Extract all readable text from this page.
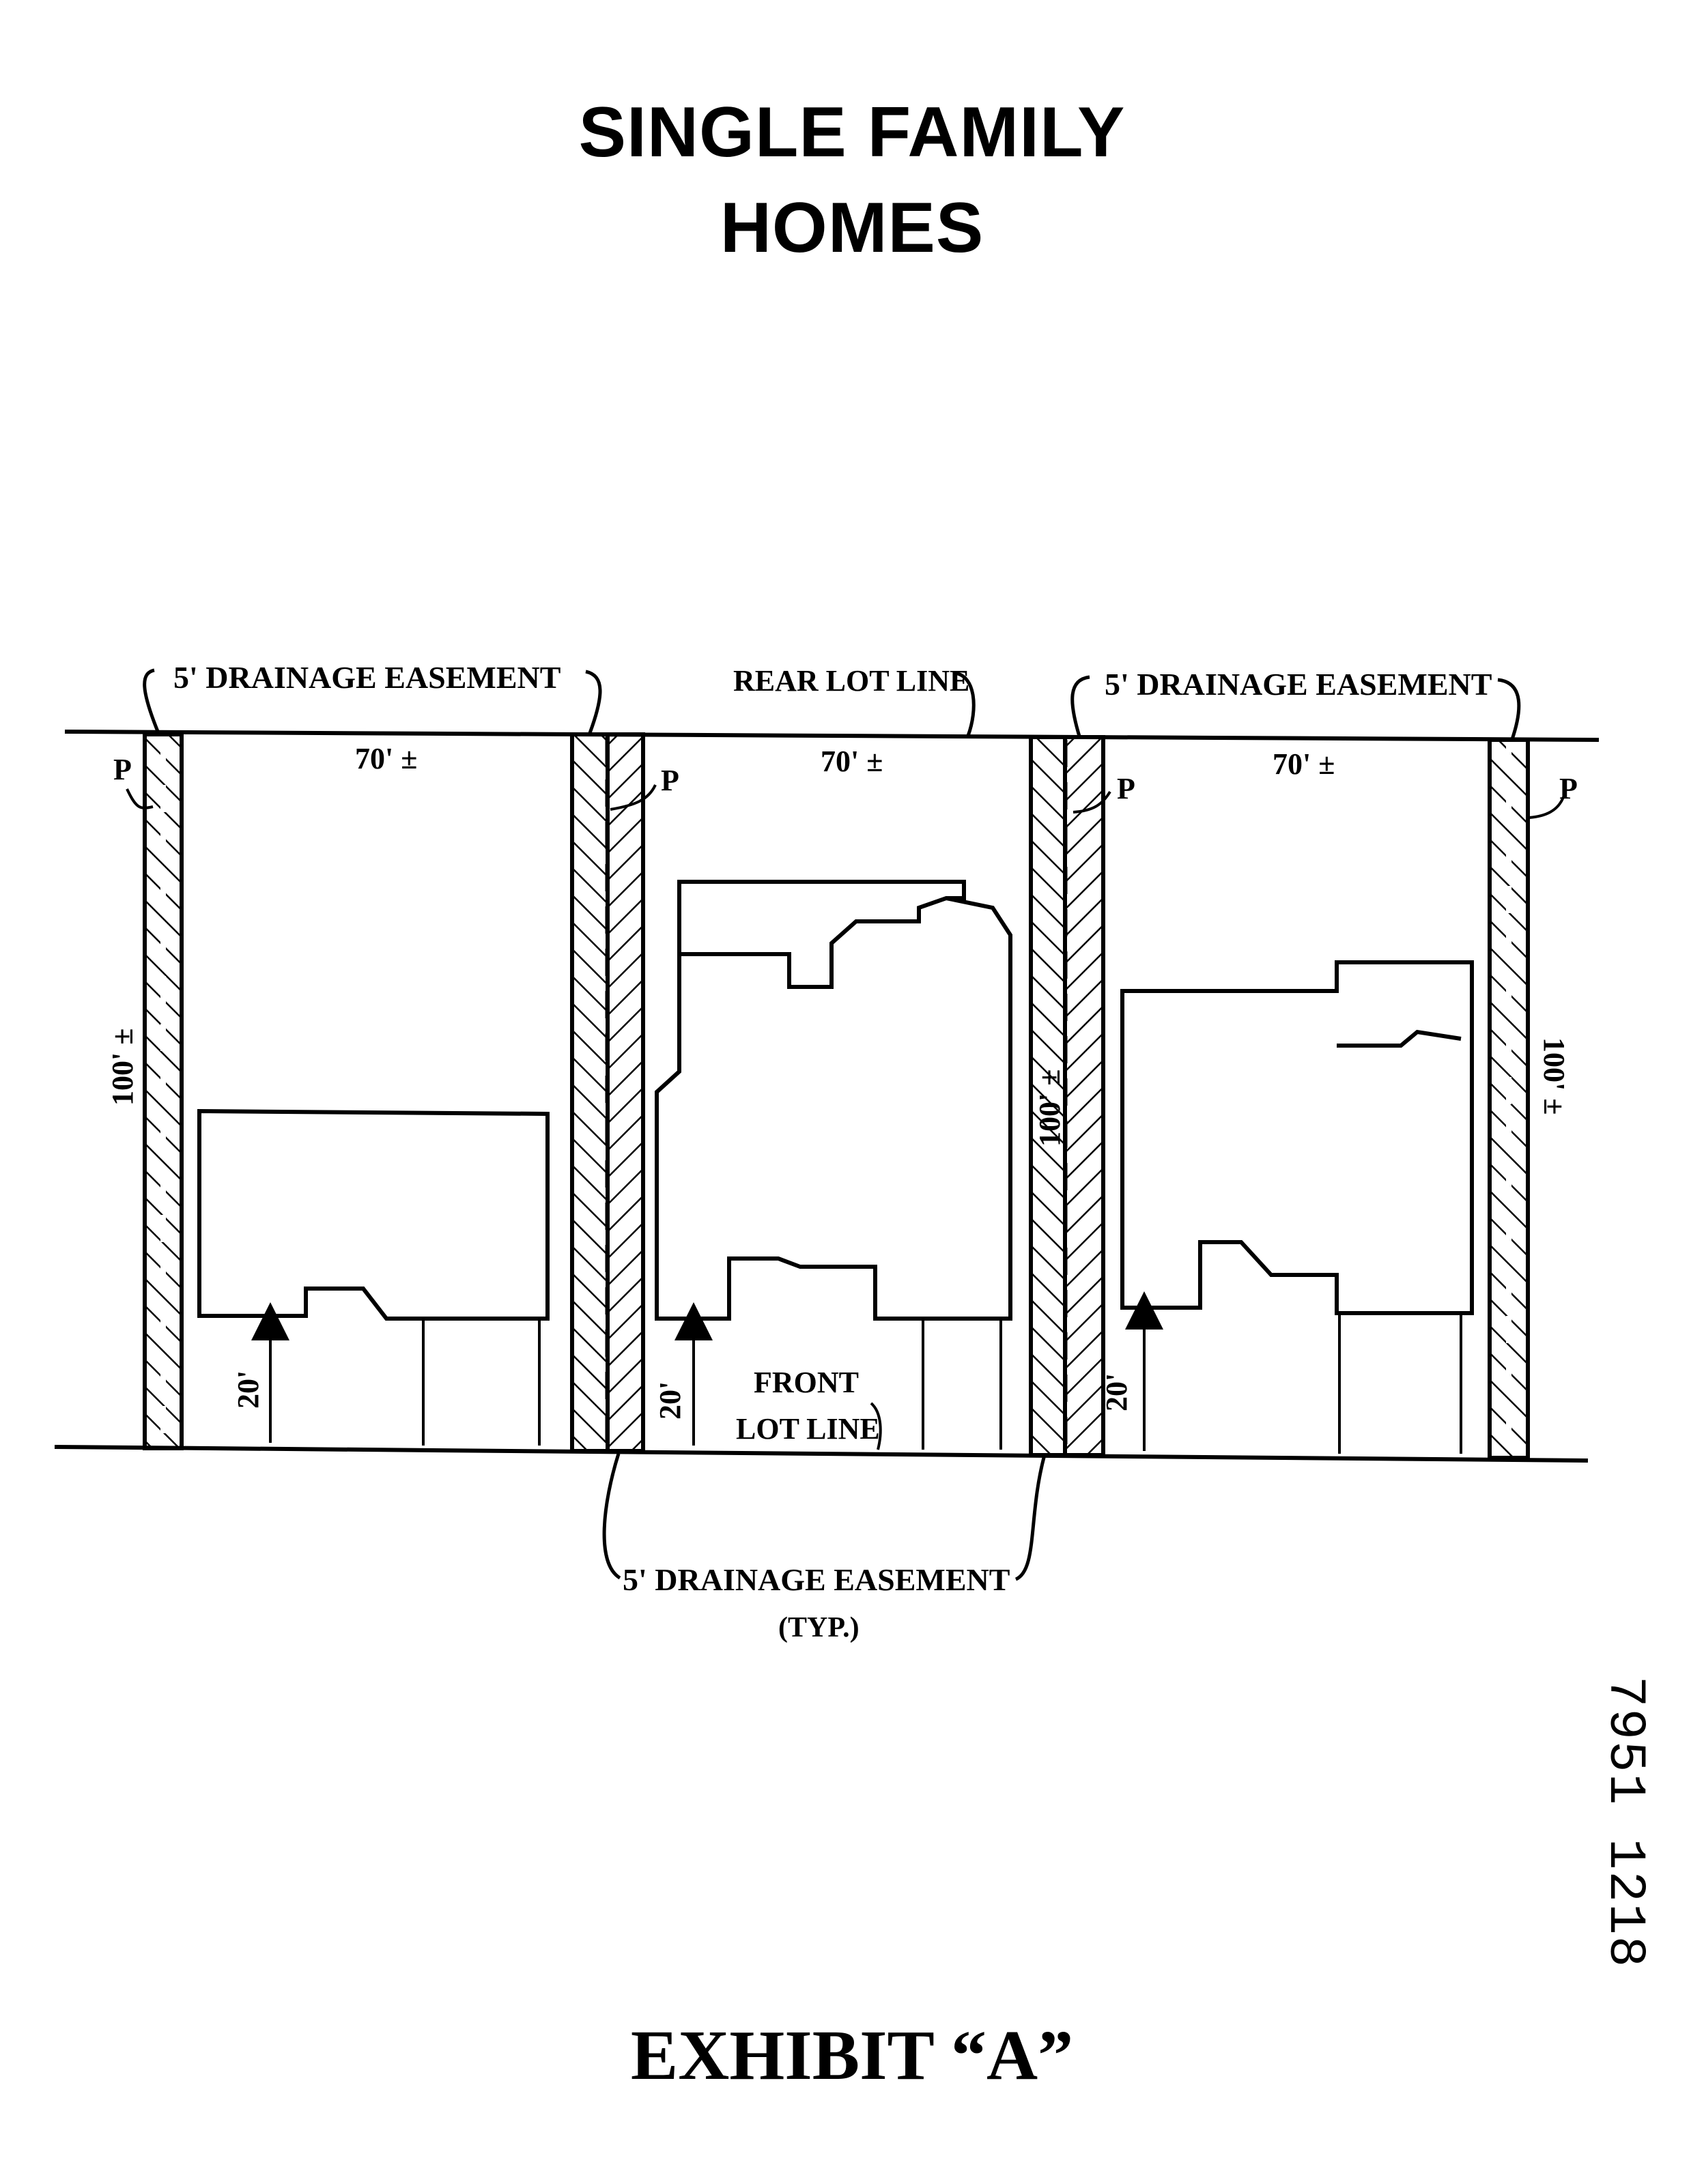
SINGLE FAMILY
HOMES
5' DRAINAGE EASEMENT	REAR LOT LINE	5' DRAINAGE EASEMENT
70' ±	70' ±	70' ±
P	P	P	P
100' ±
100' ±	100' ±
20'	20'	20'
FRONT
LOT LINE
5' DRAINAGE EASEMENT
(TYP.)
7951 1218
EXHIBIT “A”
